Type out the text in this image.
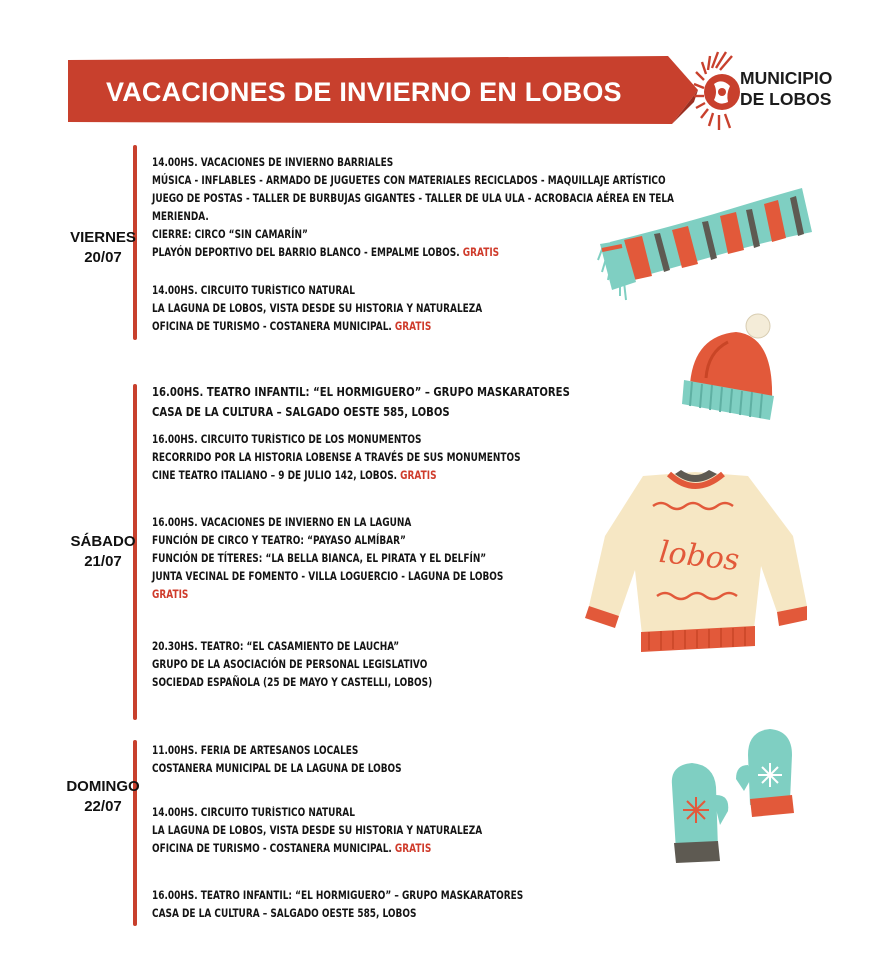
VACACIONES DE INVIERNO EN LOBOS	MUNICIPIO
DE LOBOS
VIERNES
20/07
14.00HS. VACACIONES DE INVIERNO BARRIALES
MÚSICA - INFLABLES - ARMADO DE JUGUETES CON MATERIALES RECICLADOS - MAQUILLAJE ARTÍSTICO
JUEGO DE POSTAS - TALLER DE BURBUJAS GIGANTES - TALLER DE ULA ULA - ACROBACIA AÉREA EN TELA
MERIENDA.
CIERRE: CIRCO “SIN CAMARÍN”
PLAYÓN DEPORTIVO DEL BARRIO BLANCO - EMPALME LOBOS. GRATIS
14.00HS. CIRCUITO TURÍSTICO NATURAL
LA LAGUNA DE LOBOS, VISTA DESDE SU HISTORIA Y NATURALEZA
OFICINA DE TURISMO - COSTANERA MUNICIPAL. GRATIS
SÁBADO
21/07
16.00HS. TEATRO INFANTIL: “EL HORMIGUERO” – GRUPO MASKARATORES
CASA DE LA CULTURA – SALGADO OESTE 585, LOBOS
16.00HS. CIRCUITO TURÍSTICO DE LOS MONUMENTOS
RECORRIDO POR LA HISTORIA LOBENSE A TRAVÉS DE SUS MONUMENTOS
CINE TEATRO ITALIANO – 9 DE JULIO 142, LOBOS. GRATIS
16.00HS. VACACIONES DE INVIERNO EN LA LAGUNA
FUNCIÓN DE CIRCO Y TEATRO: “PAYASO ALMÍBAR”
FUNCIÓN DE TÍTERES: “LA BELLA BIANCA, EL PIRATA Y EL DELFÍN”
JUNTA VECINAL DE FOMENTO - VILLA LOGUERCIO - LAGUNA DE LOBOS
GRATIS
20.30HS. TEATRO: “EL CASAMIENTO DE LAUCHA”
GRUPO DE LA ASOCIACIÓN DE PERSONAL LEGISLATIVO
SOCIEDAD ESPAÑOLA (25 DE MAYO Y CASTELLI, LOBOS)
DOMINGO
22/07
11.00HS. FERIA DE ARTESANOS LOCALES
COSTANERA MUNICIPAL DE LA LAGUNA DE LOBOS
14.00HS. CIRCUITO TURÍSTICO NATURAL
LA LAGUNA DE LOBOS, VISTA DESDE SU HISTORIA Y NATURALEZA
OFICINA DE TURISMO - COSTANERA MUNICIPAL. GRATIS
16.00HS. TEATRO INFANTIL: “EL HORMIGUERO” – GRUPO MASKARATORES
CASA DE LA CULTURA – SALGADO OESTE 585, LOBOS
lobos
